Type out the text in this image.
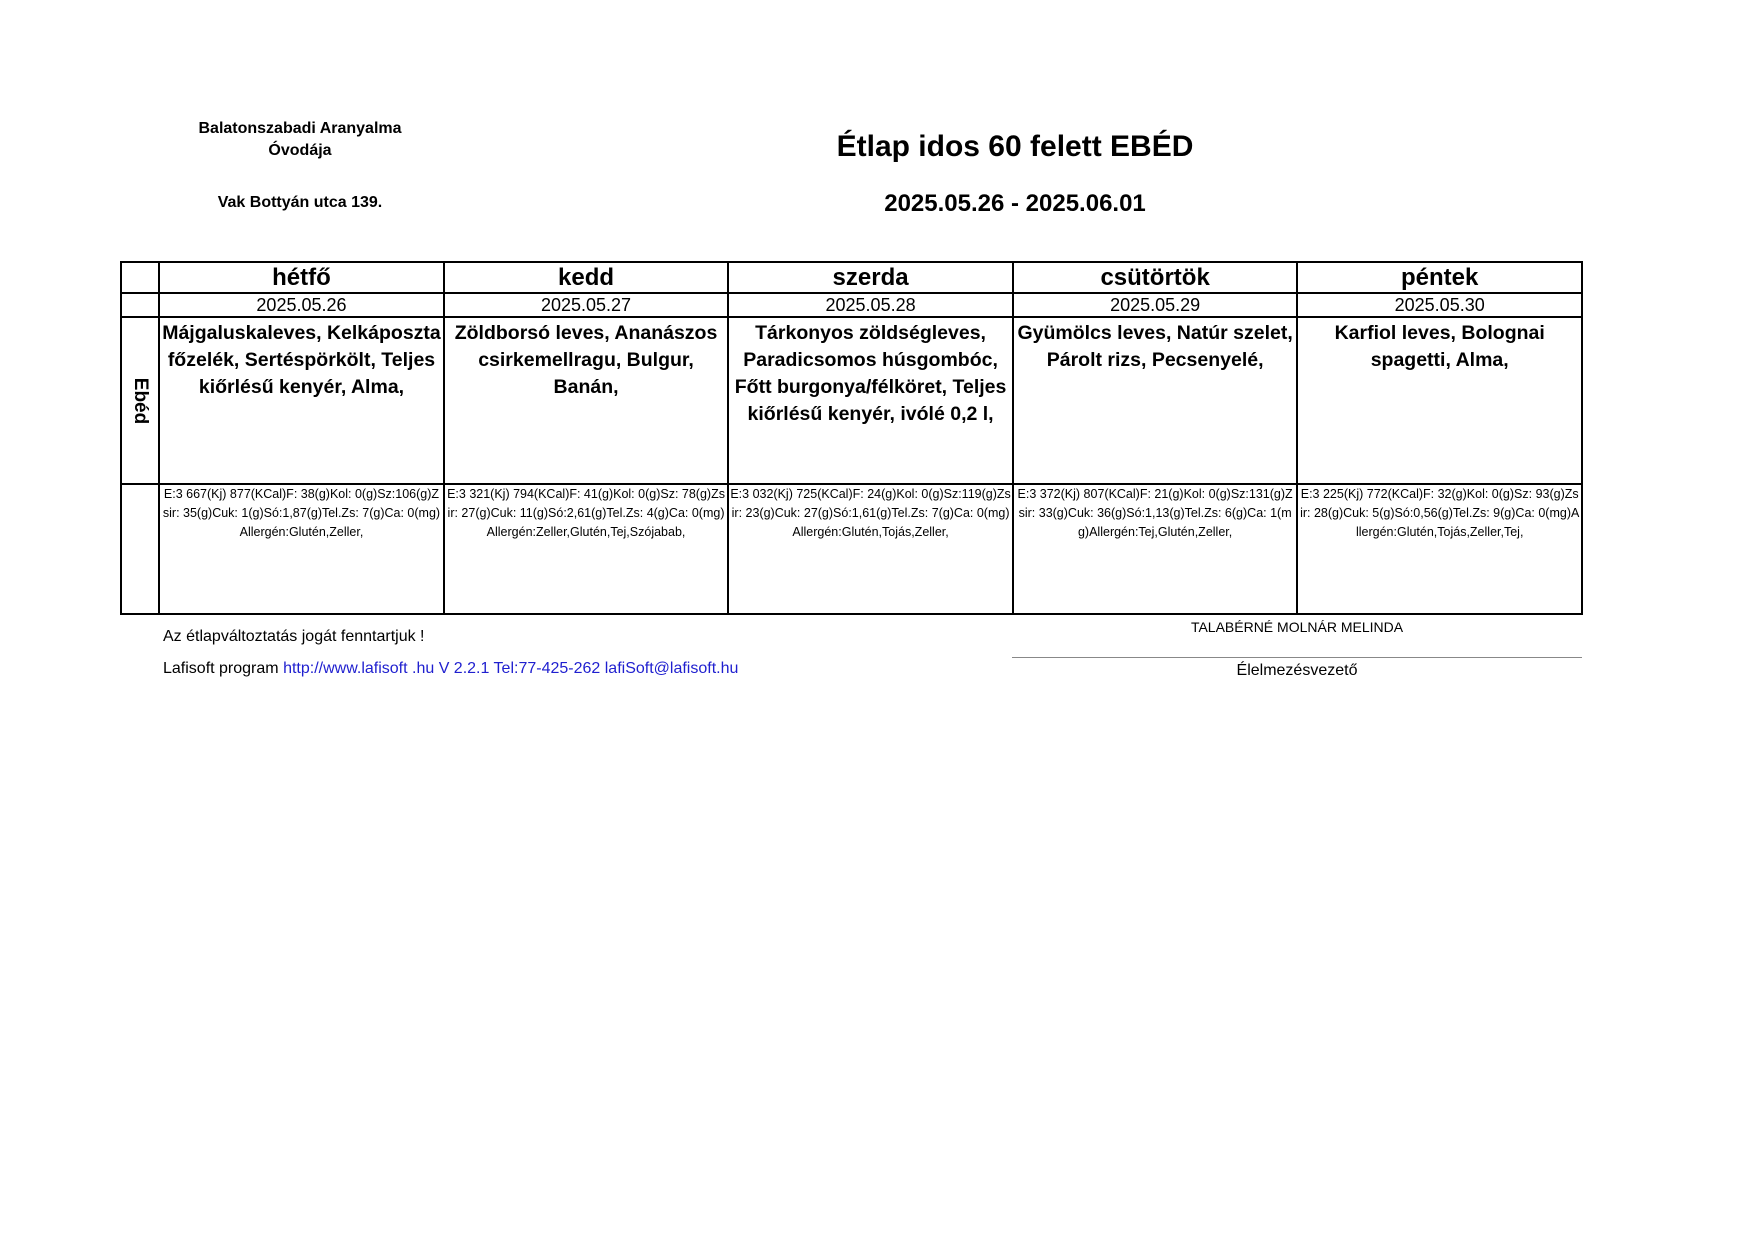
Balatonszabadi Aranyalma
Óvodája
Vak Bottyán utca 139.
Étlap idos 60 felett EBÉD
2025.05.26 - 2025.06.01

	hétfő	kedd	szerda	csütörtök	péntek

	2025.05.26	2025.05.27	2025.05.28	2025.05.29	2025.05.30

Ebéd	Májgaluskaleves, Kelkáposzta főzelék, Sertéspörkölt, Teljes kiőrlésű kenyér, Alma,	Zöldborsó leves, Ananászos csirkemellragu, Bulgur, Banán,	Tárkonyos zöldségleves, Paradicsomos húsgombóc, Főtt burgonya/félköret, Teljes kiőrlésű kenyér, ivólé 0,2 l,	Gyümölcs leves, Natúr szelet, Párolt rizs, Pecsenyelé,	Karfiol leves, Bolognai spagetti, Alma,

	E:3 667(Kj) 877(KCal)F: 38(g)Kol: 0(g)Sz:106(g)Zsir: 35(g)Cuk: 1(g)Só:1,87(g)Tel.Zs: 7(g)Ca: 0(mg)Allergén:Glutén,Zeller,	E:3 321(Kj) 794(KCal)F: 41(g)Kol: 0(g)Sz: 78(g)Zsir: 27(g)Cuk: 11(g)Só:2,61(g)Tel.Zs: 4(g)Ca: 0(mg)Allergén:Zeller,Glutén,Tej,Szójabab,	E:3 032(Kj) 725(KCal)F: 24(g)Kol: 0(g)Sz:119(g)Zsir: 23(g)Cuk: 27(g)Só:1,61(g)Tel.Zs: 7(g)Ca: 0(mg)Allergén:Glutén,Tojás,Zeller,	E:3 372(Kj) 807(KCal)F: 21(g)Kol: 0(g)Sz:131(g)Zsir: 33(g)Cuk: 36(g)Só:1,13(g)Tel.Zs: 6(g)Ca: 1(mg)Allergén:Tej,Glutén,Zeller,	E:3 225(Kj) 772(KCal)F: 32(g)Kol: 0(g)Sz: 93(g)Zsir: 28(g)Cuk: 5(g)Só:0,56(g)Tel.Zs: 9(g)Ca: 0(mg)Allergén:Glutén,Tojás,Zeller,Tej,
Az étlapváltoztatás jogát fenntartjuk !
Lafisoft program http://www.lafisoft .hu V 2.2.1 Tel:77-425-262 lafiSoft@lafisoft.hu
TALABÉRNÉ MOLNÁR MELINDA
Élelmezésvezető
